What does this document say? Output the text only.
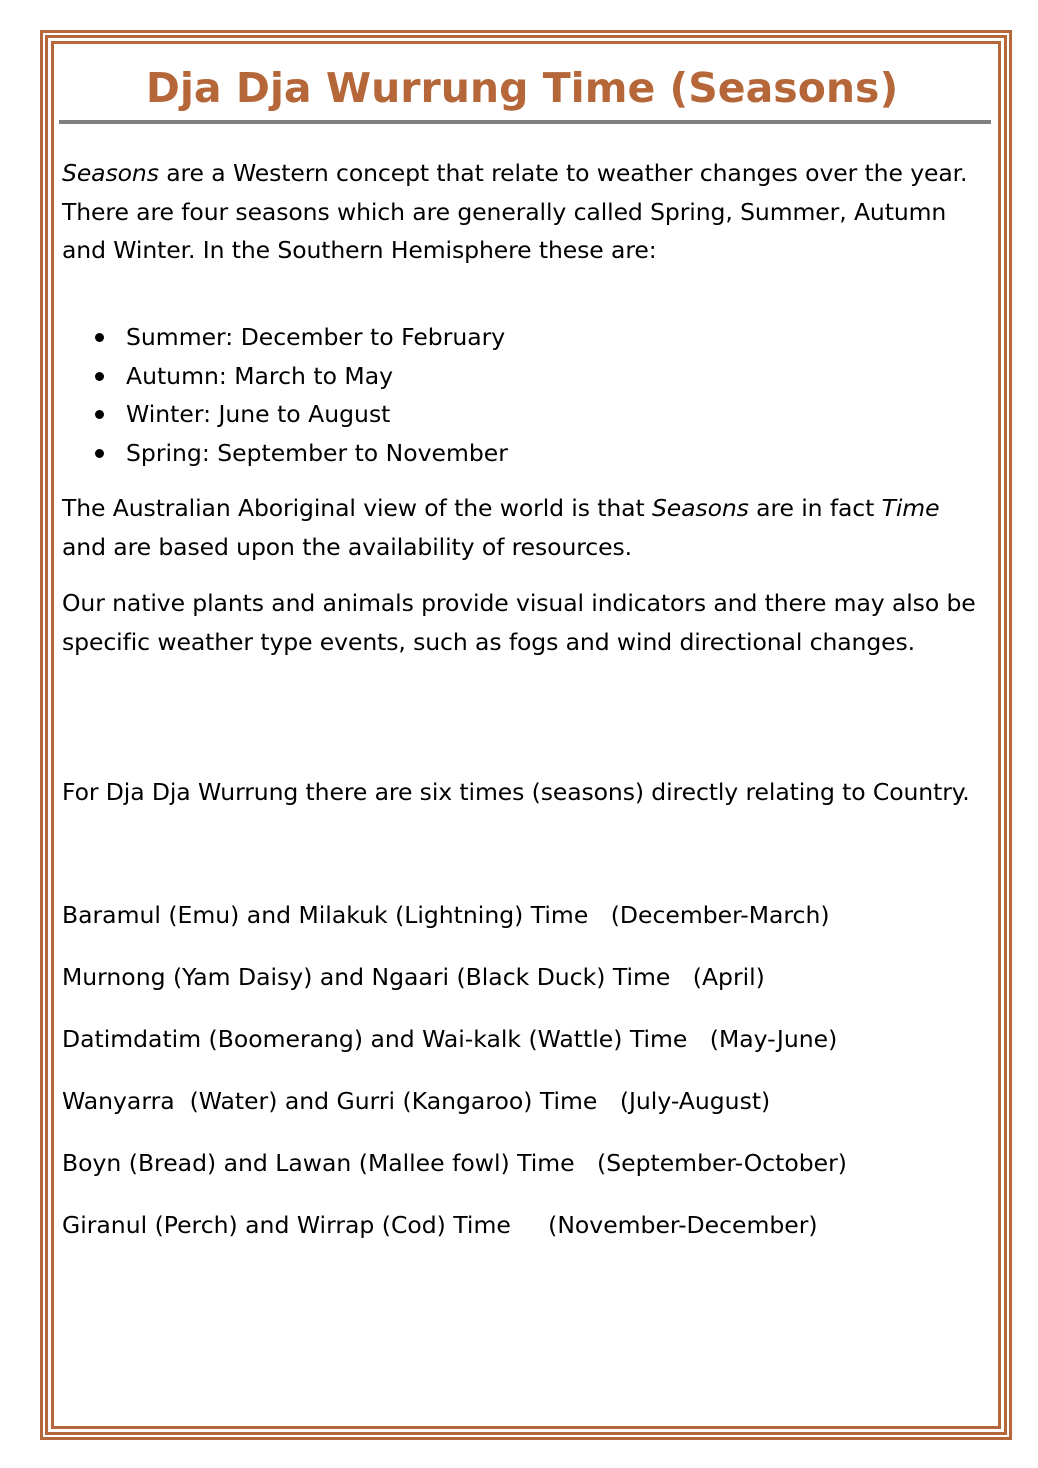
Dja Dja Wurrung Time (Seasons)

Seasons are a Western concept that relate to weather changes over the year. There are four seasons which are generally called Spring, Summer, Autumn and Winter. In the Southern Hemisphere these are:

Summer: December to February
Autumn: March to May
Winter: June to August
Spring: September to November

The Australian Aboriginal view of the world is that Seasons are in fact Time and are based upon the availability of resources.

Our native plants and animals provide visual indicators and there may also be specific weather type events, such as fogs and wind directional changes.

For Dja Dja Wurrung there are six times (seasons) directly relating to Country.

Baramul (Emu) and Milakuk (Lightning) Time (December-March)
Murnong (Yam Daisy) and Ngaari (Black Duck) Time (April)
Datimdatim (Boomerang) and Wai-kalk (Wattle) Time (May-June)
Wanyarra  (Water) and Gurri (Kangaroo) Time (July-August)
Boyn (Bread) and Lawan (Mallee fowl) Time (September-October)
Giranul (Perch) and Wirrap (Cod) Time (November-December)
